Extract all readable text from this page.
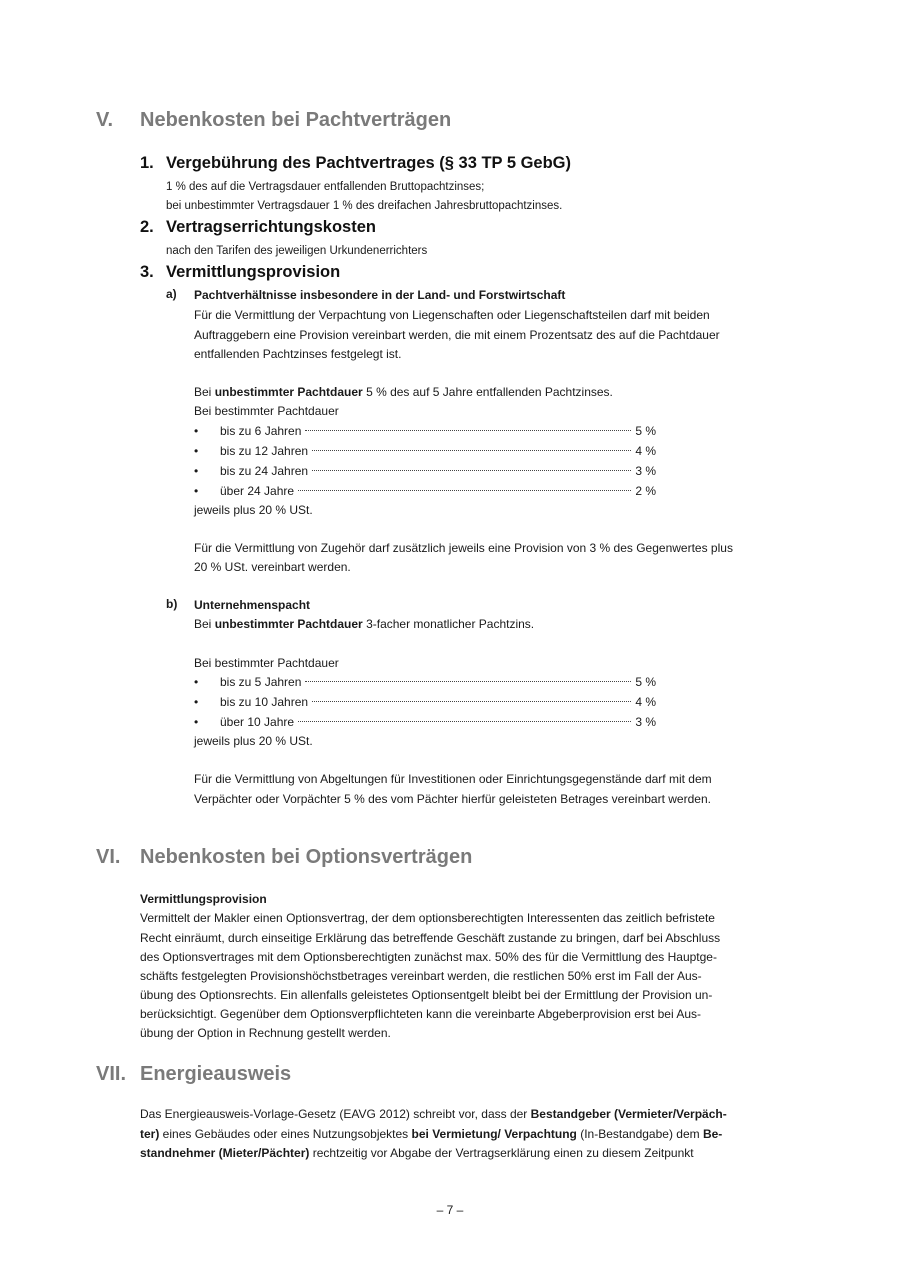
V. Nebenkosten bei Pachtverträgen
1. Vergebührung des Pachtvertrages (§ 33 TP 5 GebG)
1 % des auf die Vertragsdauer entfallenden Bruttopachtzinses;
bei unbestimmter Vertragsdauer 1 % des dreifachen Jahresbruttopachtzinses.
2. Vertragserrichtungskosten
nach den Tarifen des jeweiligen Urkundenerrichters
3. Vermittlungsprovision
a) Pachtverhältnisse insbesondere in der Land- und Forstwirtschaft
Für die Vermittlung der Verpachtung von Liegenschaften oder Liegenschaftsteilen darf mit beiden
Auftraggebern eine Provision vereinbart werden, die mit einem Prozentsatz des auf die Pachtdauer
entfallenden Pachtzinses festgelegt ist.
Bei unbestimmter Pachtdauer 5 % des auf 5 Jahre entfallenden Pachtzinses.
Bei bestimmter Pachtdauer
•	bis zu 6 Jahren	5 %
•	bis zu 12 Jahren	4 %
•	bis zu 24 Jahren	3 %
•	über 24 Jahre	2 %
jeweils plus 20 % USt.
Für die Vermittlung von Zugehör darf zusätzlich jeweils eine Provision von 3 % des Gegenwertes plus
20 % USt. vereinbart werden.
b) Unternehmenspacht
Bei unbestimmter Pachtdauer 3-facher monatlicher Pachtzins.
Bei bestimmter Pachtdauer
•	bis zu 5 Jahren	5 %
•	bis zu 10 Jahren	4 %
•	über 10 Jahre	3 %
jeweils plus 20 % USt.
Für die Vermittlung von Abgeltungen für Investitionen oder Einrichtungsgegenstände darf mit dem
Verpächter oder Vorpächter 5 % des vom Pächter hierfür geleisteten Betrages vereinbart werden.
VI. Nebenkosten bei Optionsverträgen
Vermittlungsprovision
Vermittelt der Makler einen Optionsvertrag, der dem optionsberechtigten Interessenten das zeitlich befristete
Recht einräumt, durch einseitige Erklärung das betreffende Geschäft zustande zu bringen, darf bei Abschluss
des Optionsvertrages mit dem Optionsberechtigten zunächst max. 50% des für die Vermittlung des Hauptge-
schäfts festgelegten Provisionshöchstbetrages vereinbart werden, die restlichen 50% erst im Fall der Aus-
übung des Optionsrechts. Ein allenfalls geleistetes Optionsentgelt bleibt bei der Ermittlung der Provision un-
berücksichtigt. Gegenüber dem Optionsverpflichteten kann die vereinbarte Abgeberprovision erst bei Aus-
übung der Option in Rechnung gestellt werden.
VII. Energieausweis
Das Energieausweis-Vorlage-Gesetz (EAVG 2012) schreibt vor, dass der Bestandgeber (Vermieter/Verpäch-
ter) eines Gebäudes oder eines Nutzungsobjektes bei Vermietung/ Verpachtung (In-Bestandgabe) dem Be-
standnehmer (Mieter/Pächter) rechtzeitig vor Abgabe der Vertragserklärung einen zu diesem Zeitpunkt
– 7 –
